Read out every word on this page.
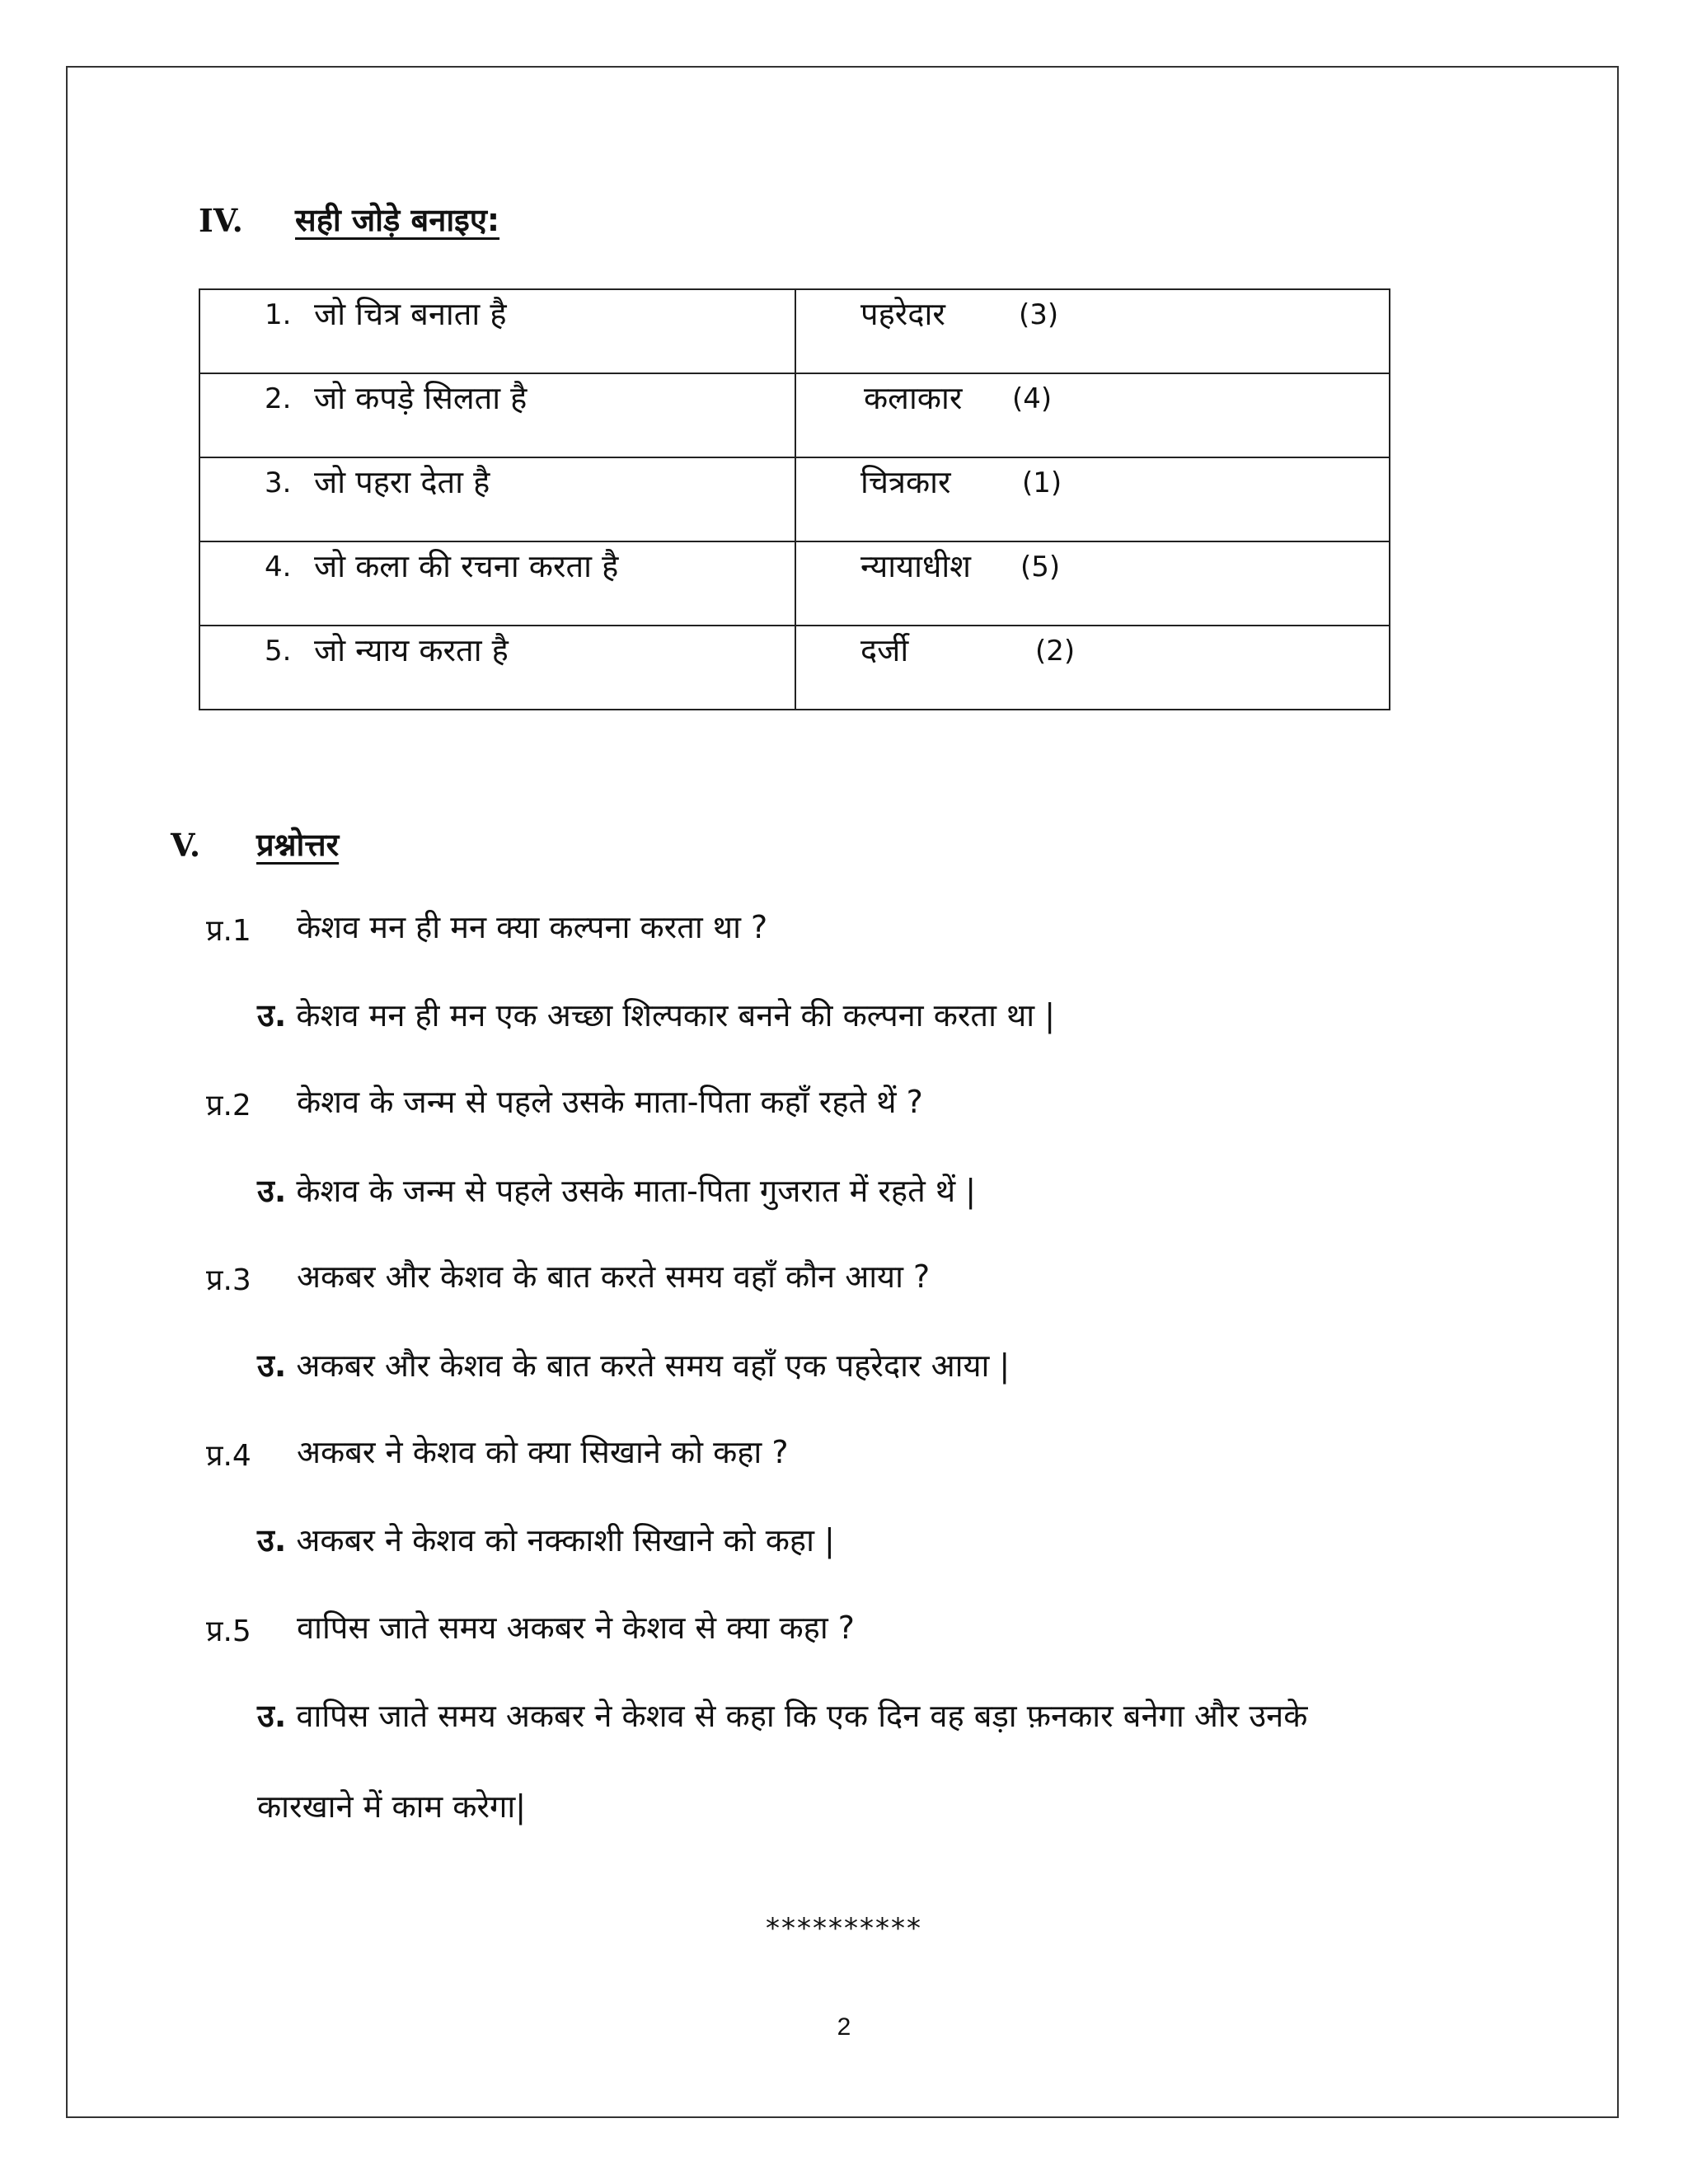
IV. सही जोड़े बनाइए:
1. जो चित्र बनाता है	पहरेदार (3)

2. जो कपड़े सिलता है	कलाकार (4)

3. जो पहरा देता है	चित्रकार (1)

4. जो कला की रचना करता है	न्यायाधीश (5)

5. जो न्याय करता है	दर्जी (2)
V. प्रश्नोत्तर
प्र.1 केशव मन ही मन क्या कल्पना करता था ?
उ. केशव मन ही मन एक अच्छा शिल्पकार बनने की कल्पना करता था |
प्र.2 केशव के जन्म से पहले उसके माता-पिता कहाँ रहते थें ?
उ. केशव के जन्म से पहले उसके माता-पिता गुजरात में रहते थें |
प्र.3 अकबर और केशव के बात करते समय वहाँ कौन आया ?
उ. अकबर और केशव के बात करते समय वहाँ एक पहरेदार आया |
प्र.4 अकबर ने केशव को क्या सिखाने को कहा ?
उ. अकबर ने केशव को नक्काशी सिखाने को कहा |
प्र.5 वापिस जाते समय अकबर ने केशव से क्या कहा ?
उ. वापिस जाते समय अकबर ने केशव से कहा कि एक दिन वह बड़ा फ़नकार बनेगा और उनके
कारखाने में काम करेगा|
**********
2
